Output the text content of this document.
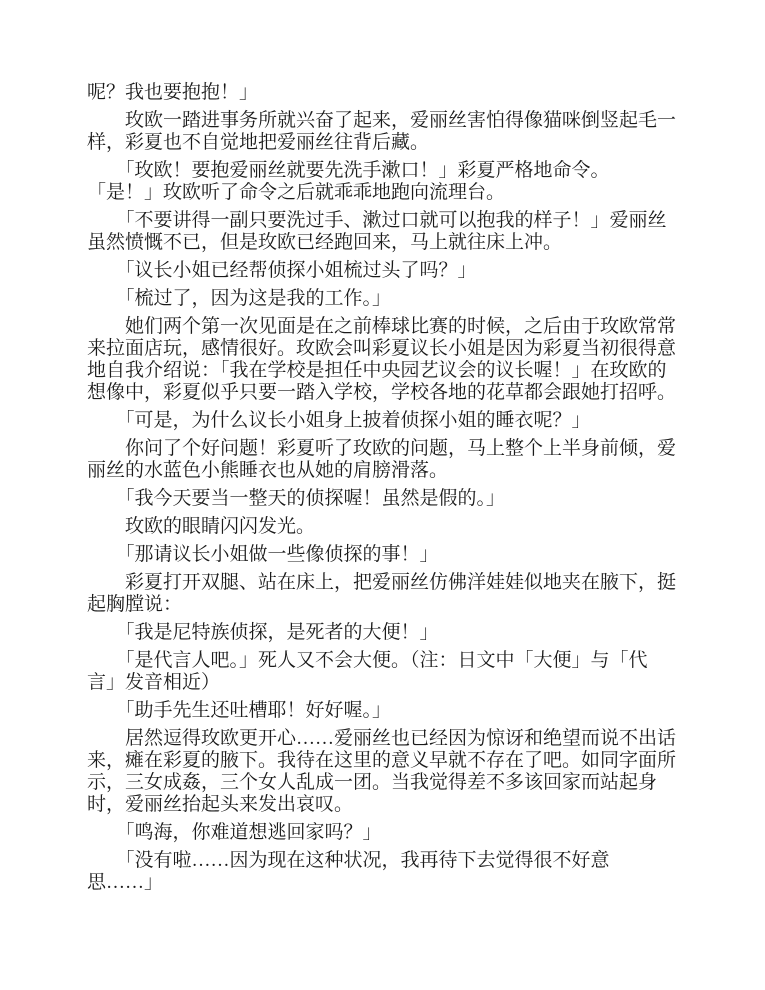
呢？我也要抱抱！」
　　玫欧一踏进事务所就兴奋了起来，爱丽丝害怕得像猫咪倒竖起毛一
样，彩夏也不自觉地把爱丽丝往背后藏。
　　「玫欧！要抱爱丽丝就要先洗手漱口！」彩夏严格地命令。
「是！」玫欧听了命令之后就乖乖地跑向流理台。
　　「不要讲得一副只要洗过手、漱过口就可以抱我的样子！」爱丽丝
虽然愤慨不已，但是玫欧已经跑回来，马上就往床上冲。
　　「议长小姐已经帮侦探小姐梳过头了吗？」
　　「梳过了，因为这是我的工作。」
　　她们两个第一次见面是在之前棒球比赛的时候，之后由于玫欧常常
来拉面店玩，感情很好。玫欧会叫彩夏议长小姐是因为彩夏当初很得意
地自我介绍说：「我在学校是担任中央园艺议会的议长喔！」在玫欧的
想像中，彩夏似乎只要一踏入学校，学校各地的花草都会跟她打招呼。
　　「可是，为什么议长小姐身上披着侦探小姐的睡衣呢？」
　　你问了个好问题！彩夏听了玫欧的问题，马上整个上半身前倾，爱
丽丝的水蓝色小熊睡衣也从她的肩膀滑落。
　　「我今天要当一整天的侦探喔！虽然是假的。」
　　玫欧的眼睛闪闪发光。
　　「那请议长小姐做一些像侦探的事！」
　　彩夏打开双腿、站在床上，把爱丽丝仿佛洋娃娃似地夹在腋下，挺
起胸膛说：
　　「我是尼特族侦探，是死者的大便！」
　　「是代言人吧。」死人又不会大便。（注：日文中「大便」与「代
言」发音相近）
　　「助手先生还吐槽耶！好好喔。」
　　居然逗得玫欧更开心……爱丽丝也已经因为惊讶和绝望而说不出话
来，瘫在彩夏的腋下。我待在这里的意义早就不存在了吧。如同字面所
示，三女成姦，三个女人乱成一团。当我觉得差不多该回家而站起身
时，爱丽丝抬起头来发出哀叹。
　　「鸣海，你难道想逃回家吗？」
　　「没有啦……因为现在这种状况，我再待下去觉得很不好意
思……」
